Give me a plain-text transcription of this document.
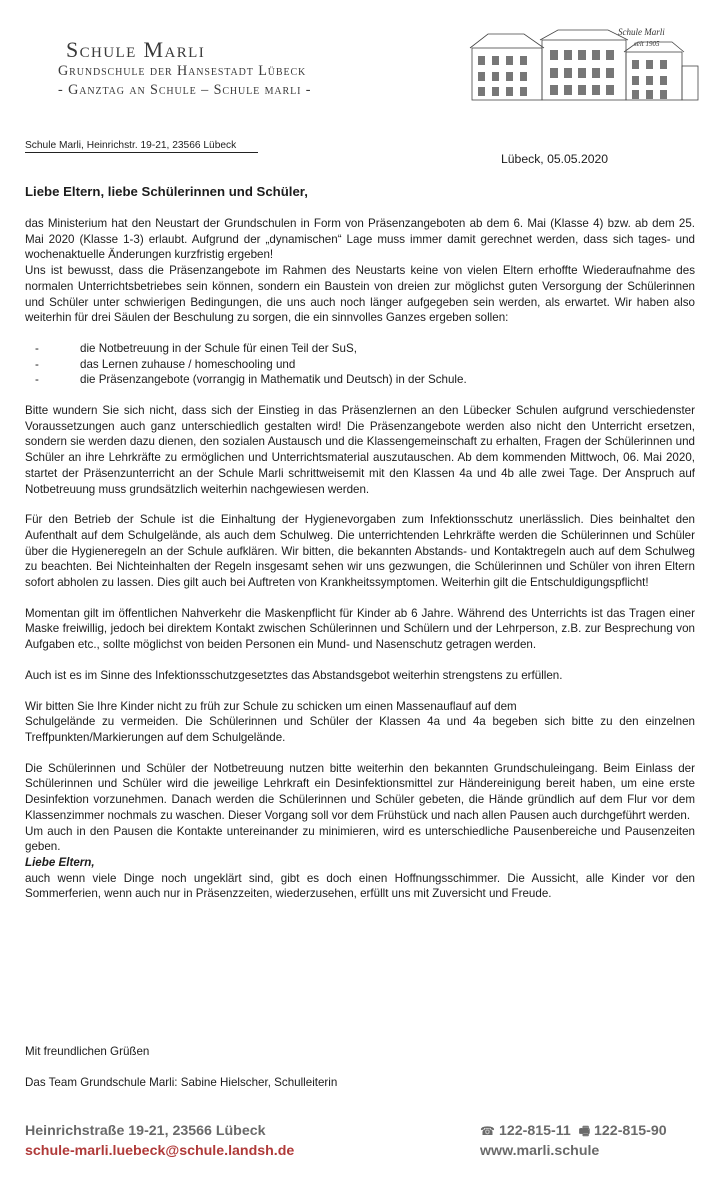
Schule Marli
Grundschule der Hansestadt Lübeck
- Ganztag an Schule – Schule marli -
Schule Marli
seit 1905
Schule Marli, Heinrichstr. 19-21, 23566 Lübeck
Lübeck, 05.05.2020
Liebe Eltern, liebe Schülerinnen und Schüler,

das Ministerium hat den Neustart der Grundschulen in Form von Präsenzangeboten ab dem 6. Mai (Klasse 4) bzw. ab dem 25. Mai 2020 (Klasse 1-3) erlaubt. Aufgrund der „dynamischen“ Lage muss immer damit gerechnet werden, dass sich tages- und wochenaktuelle Änderungen kurzfristig ergeben!

Uns ist bewusst, dass die Präsenzangebote im Rahmen des Neustarts keine von vielen Eltern erhoffte Wiederaufnahme des normalen Unterrichtsbetriebes sein können, sondern ein Baustein von dreien zur möglichst guten Versorgung der Schülerinnen und Schüler unter schwierigen Bedingungen, die uns auch noch länger aufgegeben sein werden, als erwartet. Wir haben also weiterhin für drei Säulen der Beschulung zu sorgen, die ein sinnvolles Ganzes ergeben sollen:

- die Notbetreuung in der Schule für einen Teil der SuS,
- das Lernen zuhause / homeschooling und
- die Präsenzangebote (vorrangig in Mathematik und Deutsch) in der Schule.

Bitte wundern Sie sich nicht, dass sich der Einstieg in das Präsenzlernen an den Lübecker Schulen aufgrund verschiedenster Voraussetzungen auch ganz unterschiedlich gestalten wird! Die Präsenzangebote werden also nicht den Unterricht ersetzen, sondern sie werden dazu dienen, den sozialen Austausch und die Klassengemeinschaft zu erhalten, Fragen der Schülerinnen und Schüler an ihre Lehrkräfte zu ermöglichen und Unterrichtsmaterial auszutauschen. Ab dem kommenden Mittwoch, 06. Mai 2020, startet der Präsenzunterricht an der Schule Marli schrittweisemit mit den Klassen 4a und 4b alle zwei Tage. Der Anspruch auf Notbetreuung muss grundsätzlich weiterhin nachgewiesen werden.

Für den Betrieb der Schule ist die Einhaltung der Hygienevorgaben zum Infektionsschutz unerlässlich. Dies beinhaltet den Aufenthalt auf dem Schulgelände, als auch dem Schulweg. Die unterrichtenden Lehrkräfte werden die Schülerinnen und Schüler über die Hygieneregeln an der Schule aufklären. Wir bitten, die bekannten Abstands- und Kontaktregeln auch auf dem Schulweg zu beachten. Bei Nichteinhalten der Regeln insgesamt sehen wir uns gezwungen, die Schülerinnen und Schüler von ihren Eltern sofort abholen zu lassen. Dies gilt auch bei Auftreten von Krankheitssymptomen. Weiterhin gilt die Entschuldigungspflicht!

Momentan gilt im öffentlichen Nahverkehr die Maskenpflicht für Kinder ab 6 Jahre. Während des Unterrichts ist das Tragen einer Maske freiwillig, jedoch bei direktem Kontakt zwischen Schülerinnen und Schülern und der Lehrperson, z.B. zur Besprechung von Aufgaben etc., sollte möglichst von beiden Personen ein Mund- und Nasenschutz getragen werden.

Auch ist es im Sinne des Infektionsschutzgesetztes das Abstandsgebot weiterhin strengstens zu erfüllen.

Wir bitten Sie Ihre Kinder nicht zu früh zur Schule zu schicken um einen Massenauflauf auf dem

Schulgelände zu vermeiden. Die Schülerinnen und Schüler der Klassen 4a und 4a begeben sich bitte zu den einzelnen Treffpunkten/Markierungen auf dem Schulgelände.

Die Schülerinnen und Schüler der Notbetreuung nutzen bitte weiterhin den bekannten Grundschuleingang. Beim Einlass der Schülerinnen und Schüler wird die jeweilige Lehrkraft ein Desinfektionsmittel zur Händereinigung bereit haben, um eine erste Desinfektion vorzunehmen. Danach werden die Schülerinnen und Schüler gebeten, die Hände gründlich auf dem Flur vor dem Klassenzimmer nochmals zu waschen. Dieser Vorgang soll vor dem Frühstück und nach allen Pausen auch durchgeführt werden.

Um auch in den Pausen die Kontakte untereinander zu minimieren, wird es unterschiedliche Pausenbereiche und Pausenzeiten geben.

Liebe Eltern,

auch wenn viele Dinge noch ungeklärt sind, gibt es doch einen Hoffnungsschimmer. Die Aussicht, alle Kinder vor den Sommerferien, wenn auch nur in Präsenzzeiten, wiederzusehen, erfüllt uns mit Zuversicht und Freude.

Mit freundlichen Grüßen
Das Team Grundschule Marli: Sabine Hielscher, Schulleiterin
Heinrichstraße 19-21, 23566 Lübeck
schule-marli.luebeck@schule.landsh.de
☎ 122-815-11 🖷 122-815-90
www.marli.schule
